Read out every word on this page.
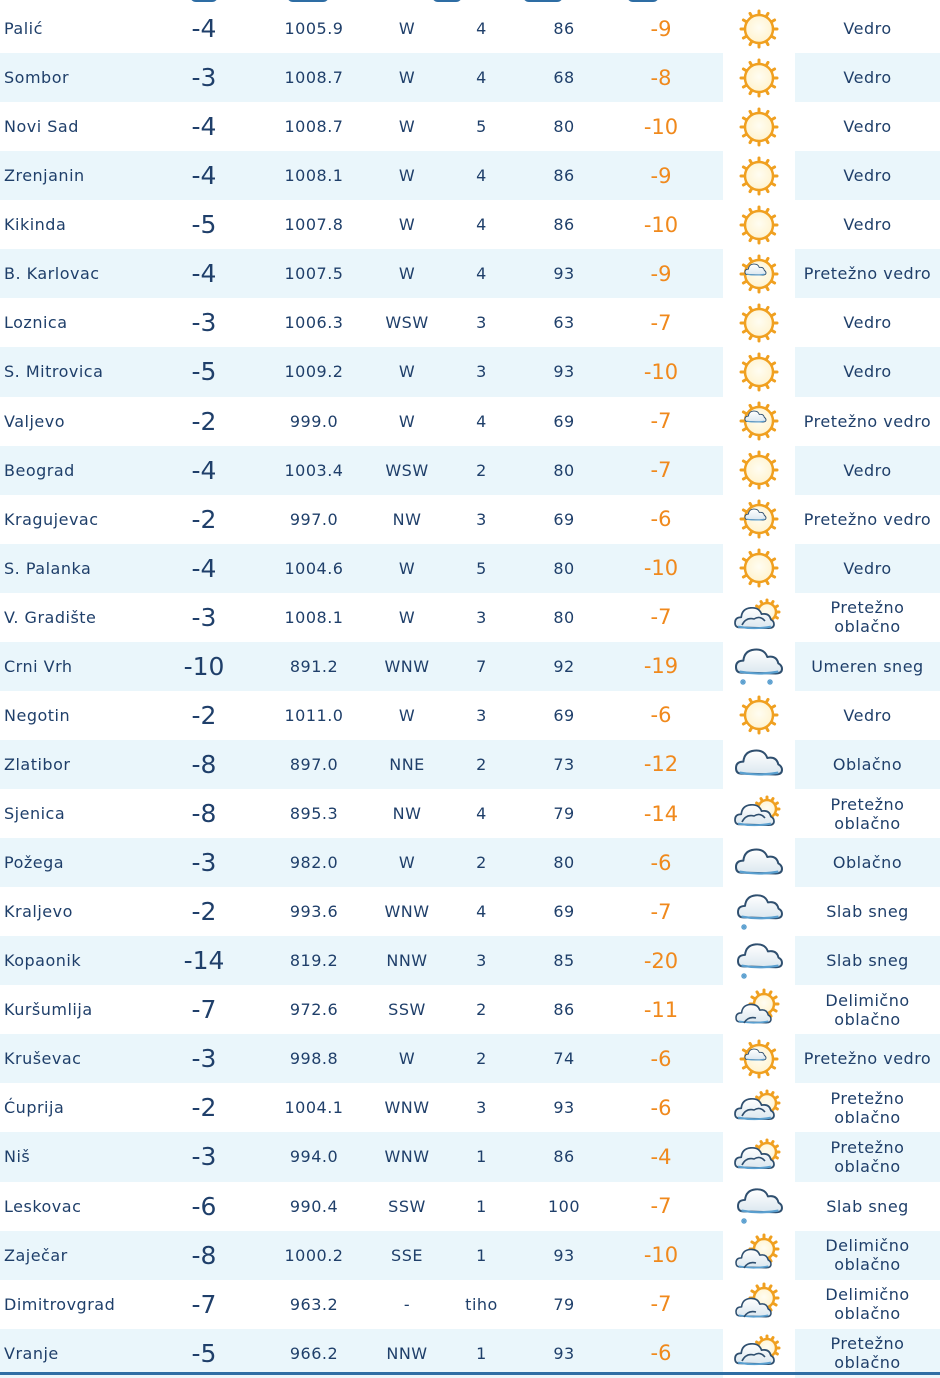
Palić	-4	1005.9	W	4	86	-9		Vedro
Sombor	-3	1008.7	W	4	68	-8		Vedro
Novi Sad	-4	1008.7	W	5	80	-10		Vedro
Zrenjanin	-4	1008.1	W	4	86	-9		Vedro
Kikinda	-5	1007.8	W	4	86	-10		Vedro
B. Karlovac	-4	1007.5	W	4	93	-9		Pretežno vedro
Loznica	-3	1006.3	WSW	3	63	-7		Vedro
S. Mitrovica	-5	1009.2	W	3	93	-10		Vedro
Valjevo	-2	999.0	W	4	69	-7		Pretežno vedro
Beograd	-4	1003.4	WSW	2	80	-7		Vedro
Kragujevac	-2	997.0	NW	3	69	-6		Pretežno vedro
S. Palanka	-4	1004.6	W	5	80	-10		Vedro
V. Gradište	-3	1008.1	W	3	80	-7		Pretežno
oblačno
Crni Vrh	-10	891.2	WNW	7	92	-19		Umeren sneg
Negotin	-2	1011.0	W	3	69	-6		Vedro
Zlatibor	-8	897.0	NNE	2	73	-12		Oblačno
Sjenica	-8	895.3	NW	4	79	-14		Pretežno
oblačno
Požega	-3	982.0	W	2	80	-6		Oblačno
Kraljevo	-2	993.6	WNW	4	69	-7		Slab sneg
Kopaonik	-14	819.2	NNW	3	85	-20		Slab sneg
Kuršumlija	-7	972.6	SSW	2	86	-11		Delimično
oblačno
Kruševac	-3	998.8	W	2	74	-6		Pretežno vedro
Ćuprija	-2	1004.1	WNW	3	93	-6		Pretežno
oblačno
Niš	-3	994.0	WNW	1	86	-4		Pretežno
oblačno
Leskovac	-6	990.4	SSW	1	100	-7		Slab sneg
Zaječar	-8	1000.2	SSE	1	93	-10		Delimično
oblačno
Dimitrovgrad	-7	963.2	-	tiho	79	-7		Delimično
oblačno
Vranje	-5	966.2	NNW	1	93	-6		Pretežno
oblačno
